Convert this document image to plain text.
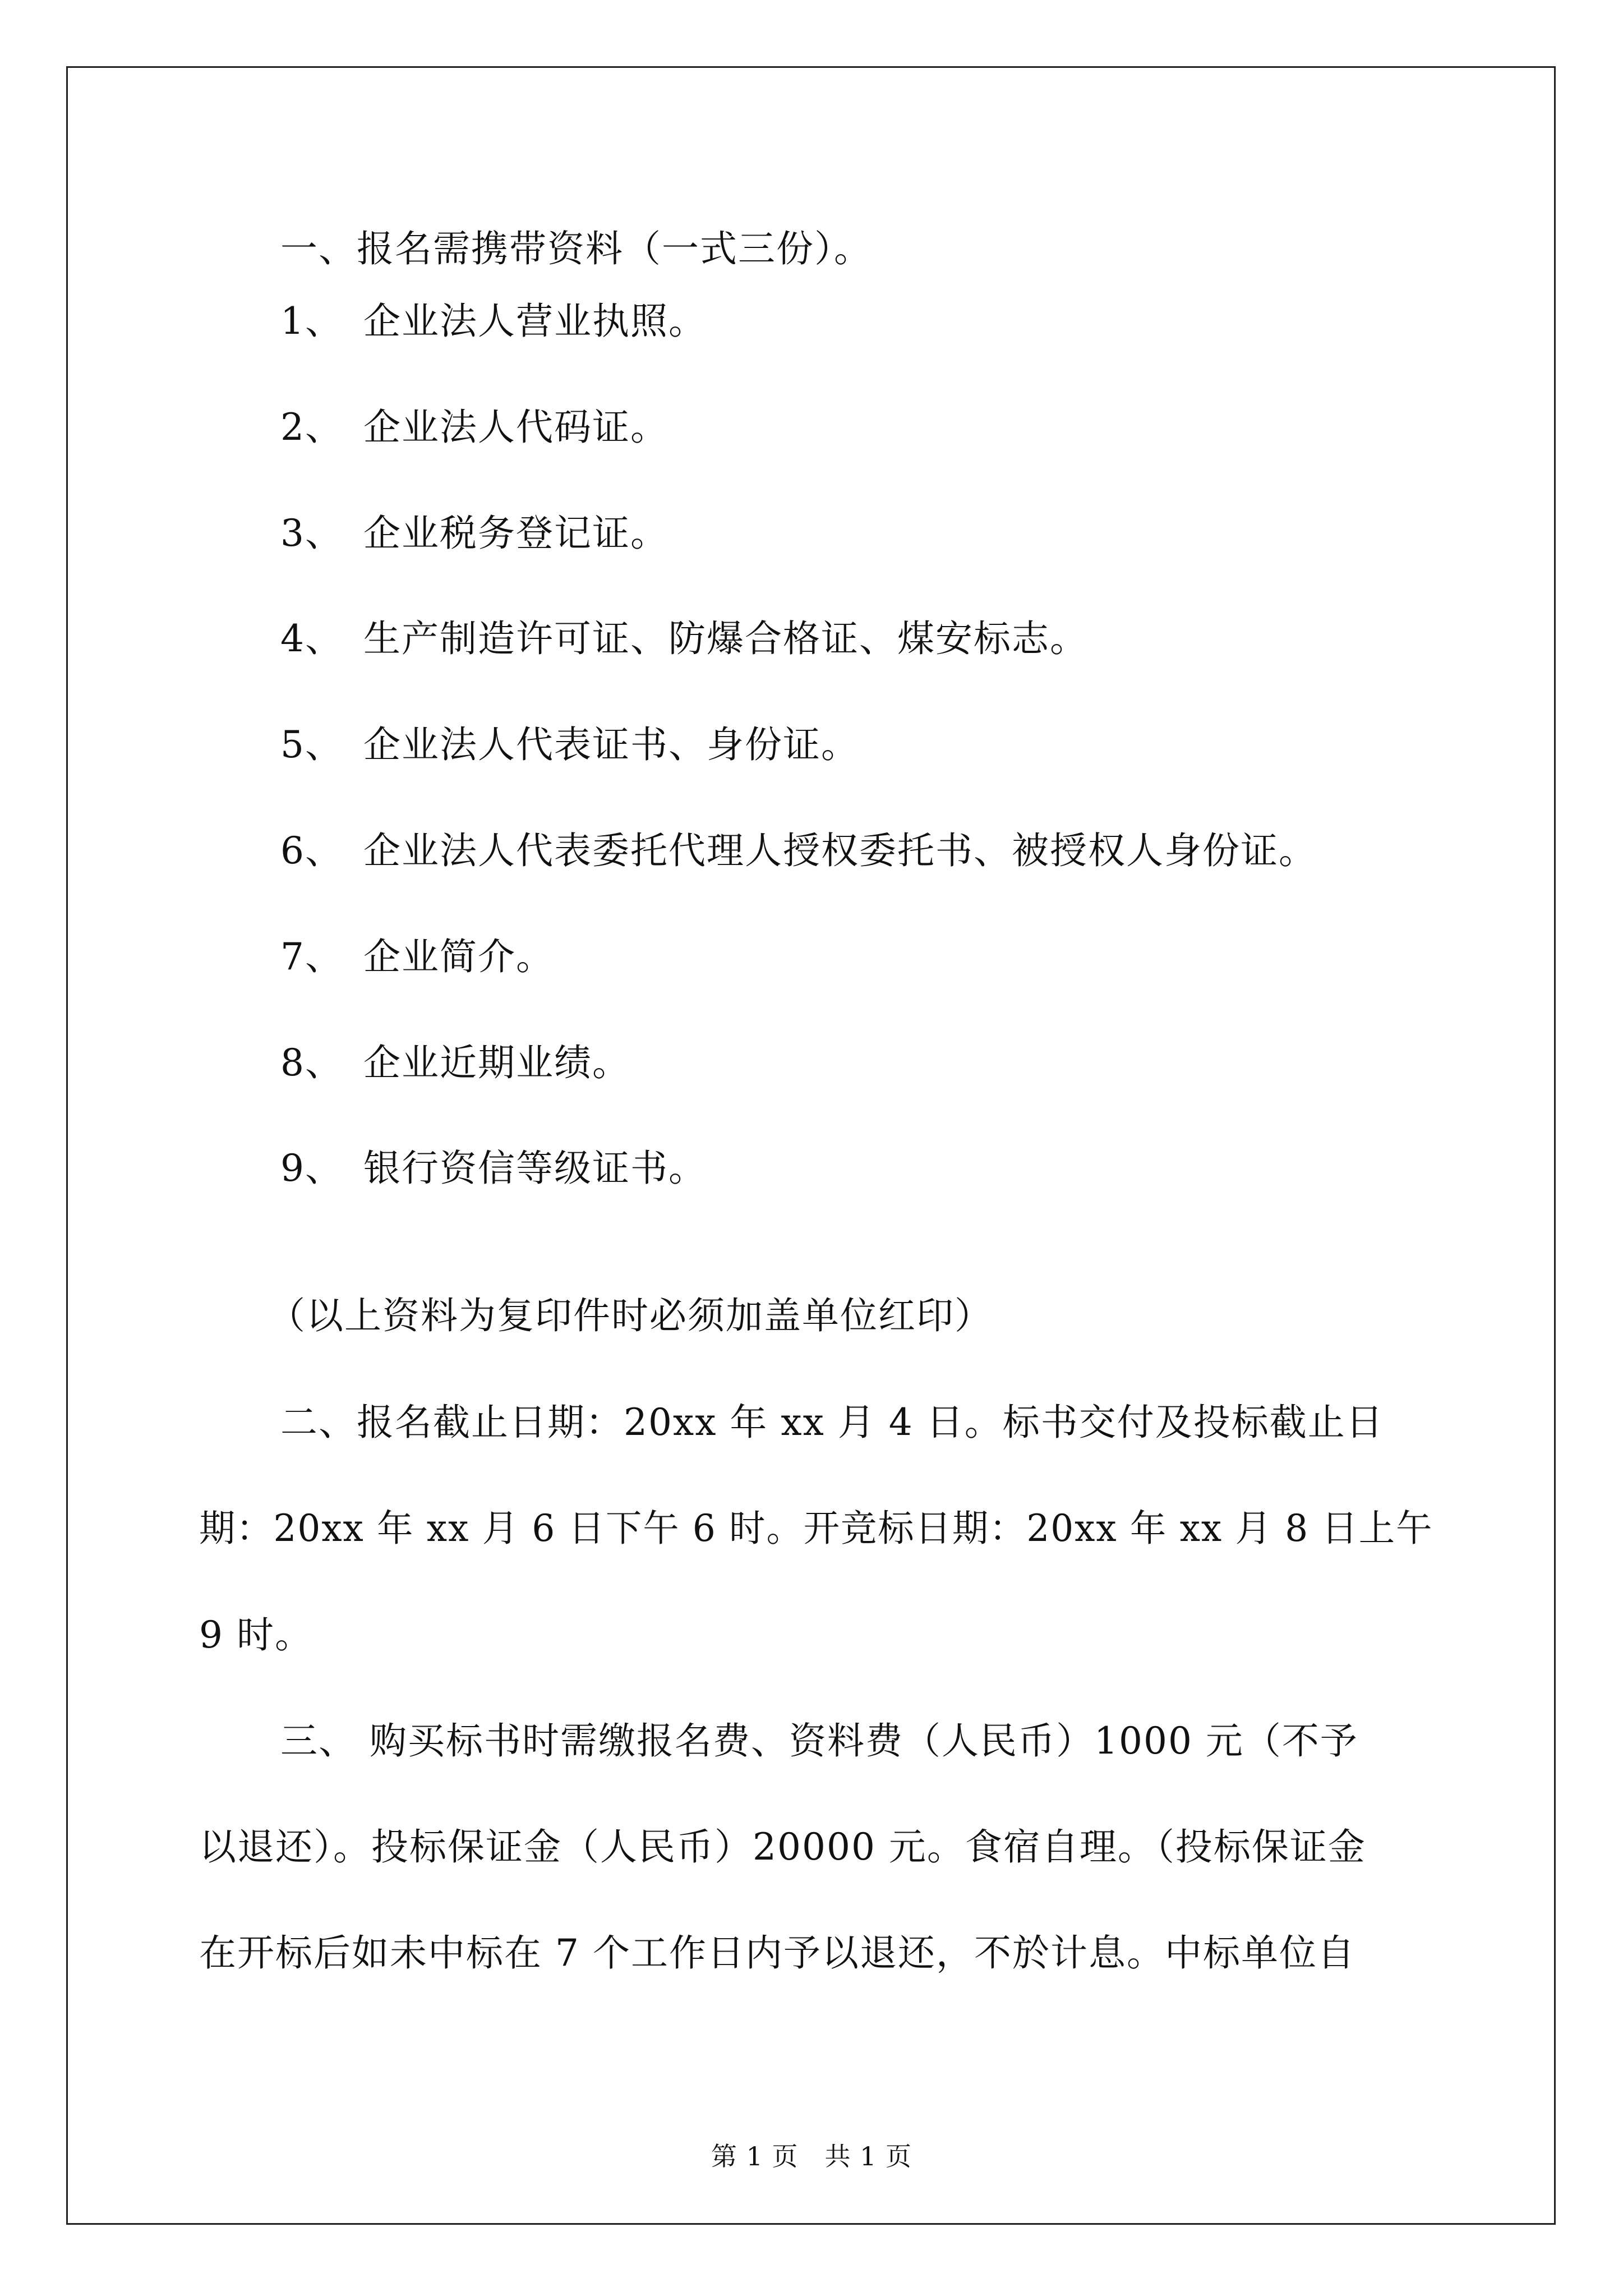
一、报名需携带资料（一式三份）。
1、 企业法人营业执照。
2、 企业法人代码证。
3、 企业税务登记证。
4、 生产制造许可证、防爆合格证、煤安标志。
5、 企业法人代表证书、身份证。
6、 企业法人代表委托代理人授权委托书、被授权人身份证。
7、 企业简介。
8、 企业近期业绩。
9、 银行资信等级证书。
（以上资料为复印件时必须加盖单位红印）
二、报名截止日期：20xx 年 xx 月 4 日。标书交付及投标截止日
期：20xx 年 xx 月 6 日下午 6 时。开竞标日期：20xx 年 xx 月 8 日上午
9 时。
三、 购买标书时需缴报名费、资料费（人民币）1000 元（不予
以退还）。投标保证金（人民币）20000 元。食宿自理。（投标保证金
在开标后如未中标在 7 个工作日内予以退还，不於计息。中标单位自
第 1 页　共 1 页
